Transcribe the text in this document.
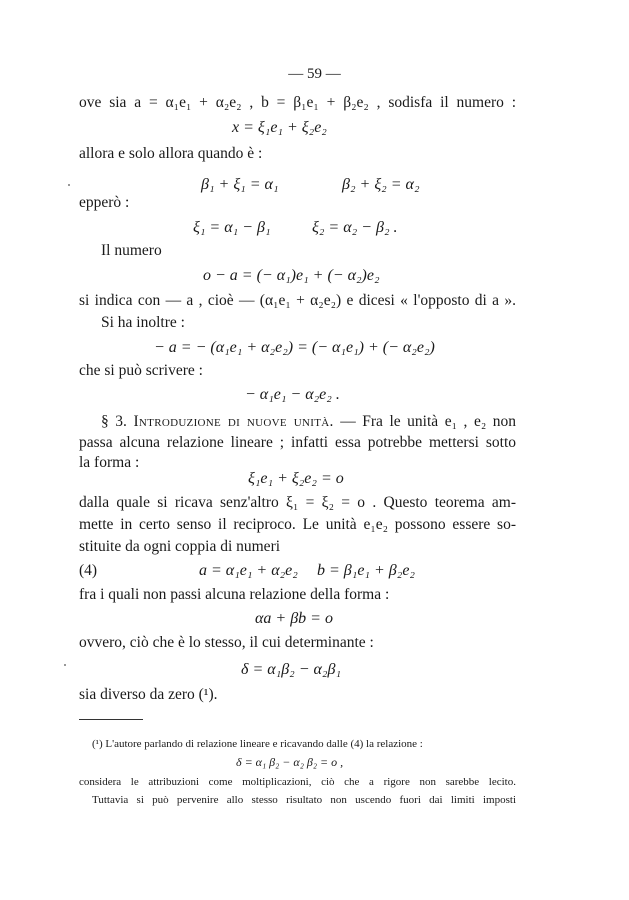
— 59 —
ove sia a = α₁e₁ + α₂e₂ , b = β₁e₁ + β₂e₂ , sodisfa il numero :
x = ξ₁e₁ + ξ₂e₂
allora e solo allora quando è :
β₁ + ξ₁ = α₁	β₂ + ξ₂ = α₂
epperò :
ξ₁ = α₁ − β₁	ξ₂ = α₂ − β₂ .
Il numero
o − a = (− α₁)e₁ + (− α₂)e₂
si indica con — a , cioè — (α₁e₁ + α₂e₂) e dicesi « l'opposto di a ».
Si ha inoltre :
− a = − (α₁e₁ + α₂e₂) = (− α₁e₁) + (− α₂e₂)
che si può scrivere :
− α₁e₁ − α₂e₂ .
§ 3. Introduzione di nuove unità. — Fra le unità e₁ , e₂ non
passa alcuna relazione lineare ; infatti essa potrebbe mettersi sotto
la forma :
ξ₁e₁ + ξ₂e₂ = o
dalla quale si ricava senz'altro ξ₁ = ξ₂ = o . Questo teorema am-
mette in certo senso il reciproco. Le unità e₁e₂ possono essere so-
stituite da ogni coppia di numeri
(4)	a = α₁e₁ + α₂e₂ b = β₁e₁ + β₂e₂
fra i quali non passi alcuna relazione della forma :
αa + βb = o
ovvero, ciò che è lo stesso, il cui determinante :
δ = α₁β₂ − α₂β₁
sia diverso da zero (¹).
(¹) L'autore parlando di relazione lineare e ricavando dalle (4) la relazione :
δ = α₁ β₂ − α₂ β₂ = o ,
considera le attribuzioni come moltiplicazioni, ciò che a rigore non sarebbe lecito.
Tuttavia si può pervenire allo stesso risultato non uscendo fuori dai limiti imposti
